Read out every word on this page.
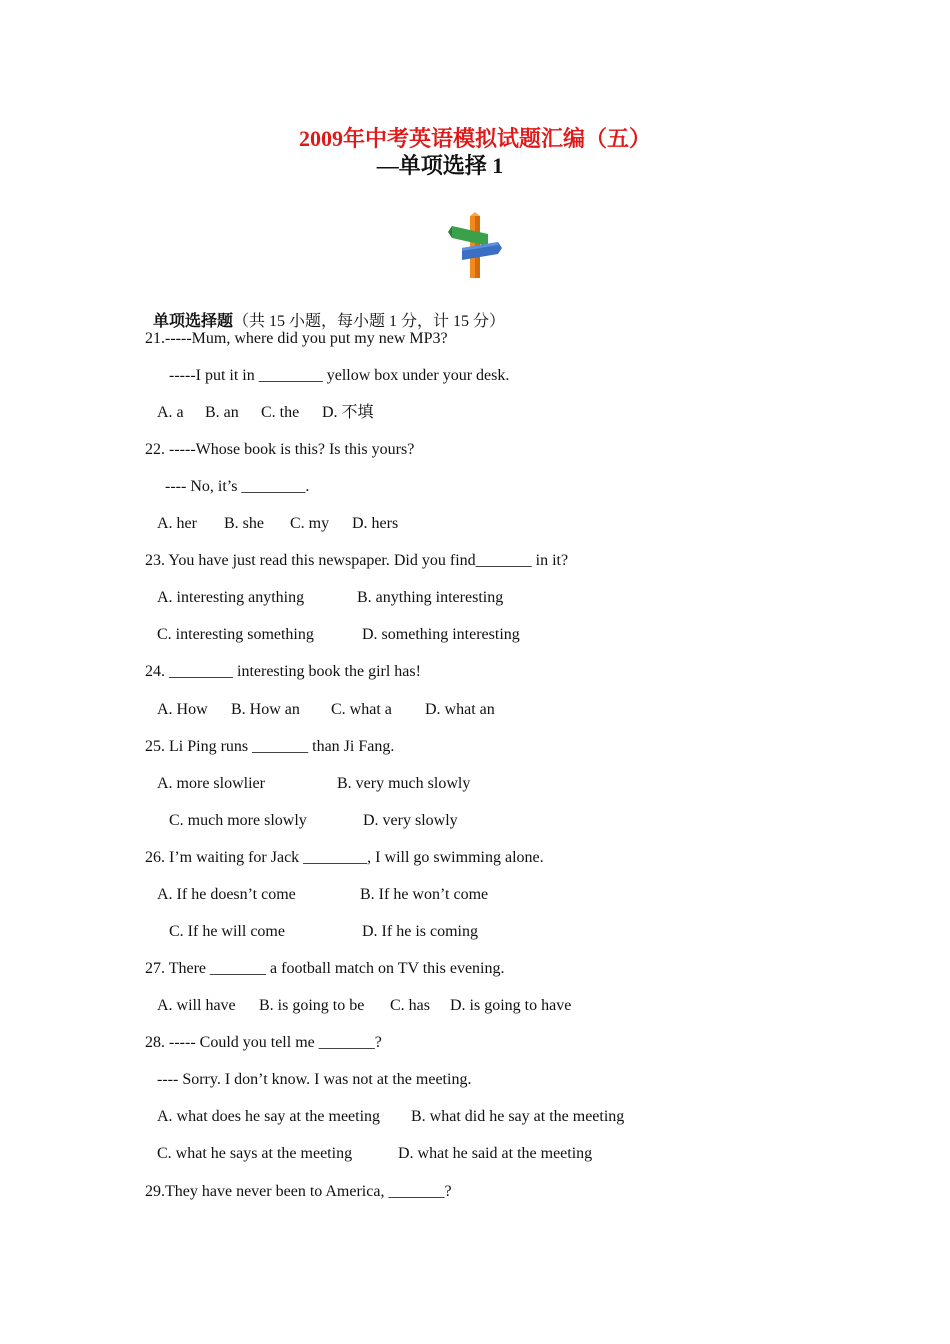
2009年中考英语模拟试题汇编（五）
—单项选择 1

单项选择题（共 15 小题，每小题 1 分，计 15 分）

21.-----Mum, where did you put my new MP3?
-----I put it in ________ yellow box under your desk.
A. a B. an C. the D. 不填
22. -----Whose book is this? Is this yours?
---- No, it’s ________.
A. her B. she C. my D. hers
23. You have just read this newspaper. Did you find_______ in it?
A. interesting anything	B. anything interesting
C. interesting something	D. something interesting
24. ________ interesting book the girl has!
A. How B. How an C. what a D. what an
25. Li Ping runs _______ than Ji Fang.
A. more slowlier	B. very much slowly
C. much more slowly	D. very slowly
26. I’m waiting for Jack ________, I will go swimming alone.
A. If he doesn’t come	B. If he won’t come
C. If he will come	D. If he is coming
27. There _______ a football match on TV this evening.
A. will have B. is going to be C. has D. is going to have
28. ----- Could you tell me _______?
---- Sorry. I don’t know. I was not at the meeting.
A. what does he say at the meeting B. what did he say at the meeting
C. what he says at the meeting	D. what he said at the meeting
29.They have never been to America, _______?
